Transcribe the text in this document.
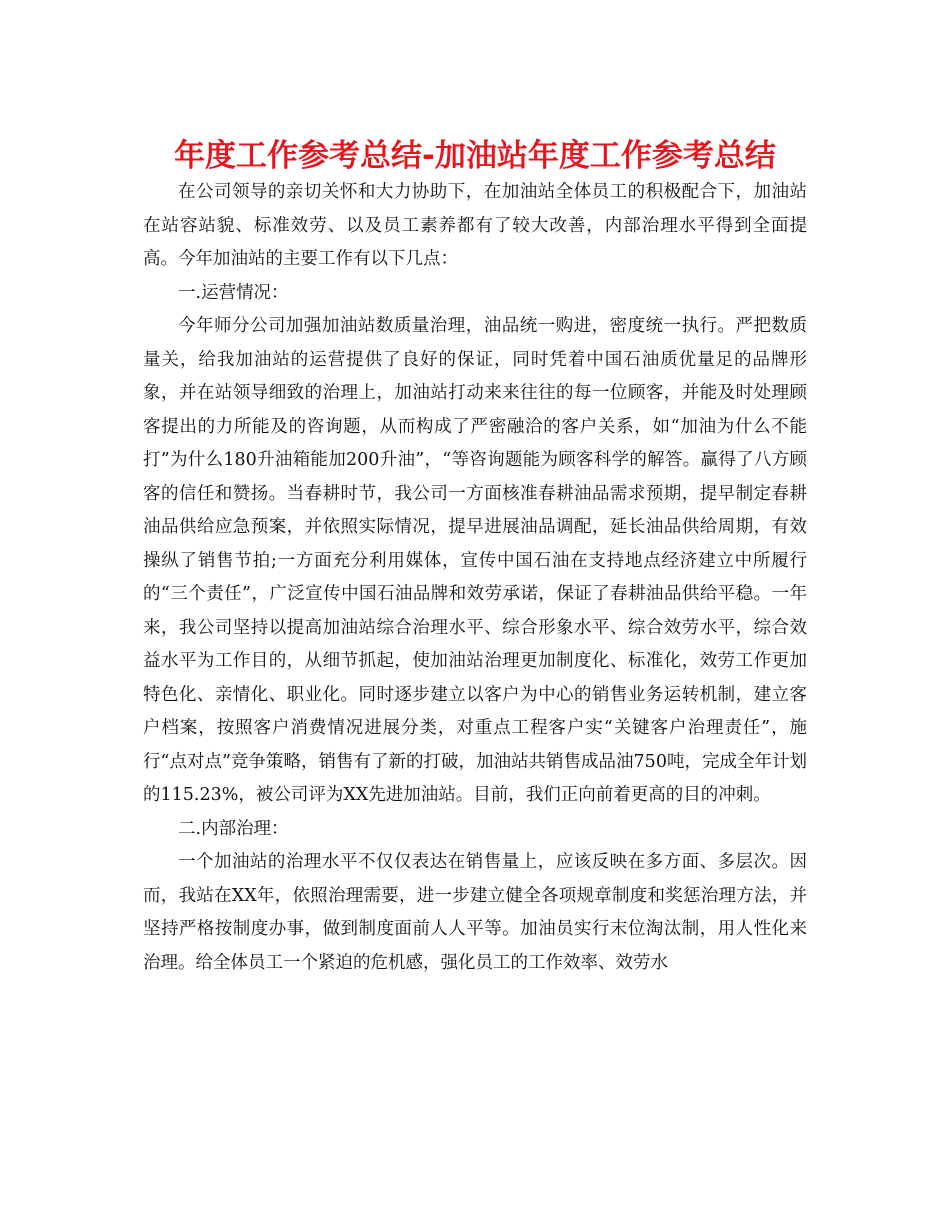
年度工作参考总结-加油站年度工作参考总结

在公司领导的亲切关怀和大力协助下，在加油站全体员工的积极配合下，加油站在站容站貌、标准效劳、以及员工素养都有了较大改善，内部治理水平得到全面提高。今年加油站的主要工作有以下几点：

一.运营情况：

今年师分公司加强加油站数质量治理，油品统一购进，密度统一执行。严把数质量关，给我加油站的运营提供了良好的保证，同时凭着中国石油质优量足的品牌形象，并在站领导细致的治理上，加油站打动来来往往的每一位顾客，并能及时处理顾客提出的力所能及的咨询题，从而构成了严密融洽的客户关系，如“加油为什么不能打”为什么180升油箱能加200升油”，“等咨询题能为顾客科学的解答。赢得了八方顾客的信任和赞扬。当春耕时节，我公司一方面核准春耕油品需求预期，提早制定春耕油品供给应急预案，并依照实际情况，提早进展油品调配，延长油品供给周期，有效操纵了销售节拍;一方面充分利用媒体，宣传中国石油在支持地点经济建立中所履行的“三个责任”，广泛宣传中国石油品牌和效劳承诺，保证了春耕油品供给平稳。一年来，我公司坚持以提高加油站综合治理水平、综合形象水平、综合效劳水平，综合效益水平为工作目的，从细节抓起，使加油站治理更加制度化、标准化，效劳工作更加特色化、亲情化、职业化。同时逐步建立以客户为中心的销售业务运转机制，建立客户档案，按照客户消费情况进展分类，对重点工程客户实“关键客户治理责任”，施行“点对点”竞争策略，销售有了新的打破，加油站共销售成品油750吨，完成全年计划的115.23%，被公司评为XX先进加油站。目前，我们正向前着更高的目的冲刺。

二.内部治理：

一个加油站的治理水平不仅仅表达在销售量上，应该反映在多方面、多层次。因而，我站在XX年，依照治理需要，进一步建立健全各项规章制度和奖惩治理方法，并坚持严格按制度办事，做到制度面前人人平等。加油员实行末位淘汰制，用人性化来治理。给全体员工一个紧迫的危机感，强化员工的工作效率、效劳水
